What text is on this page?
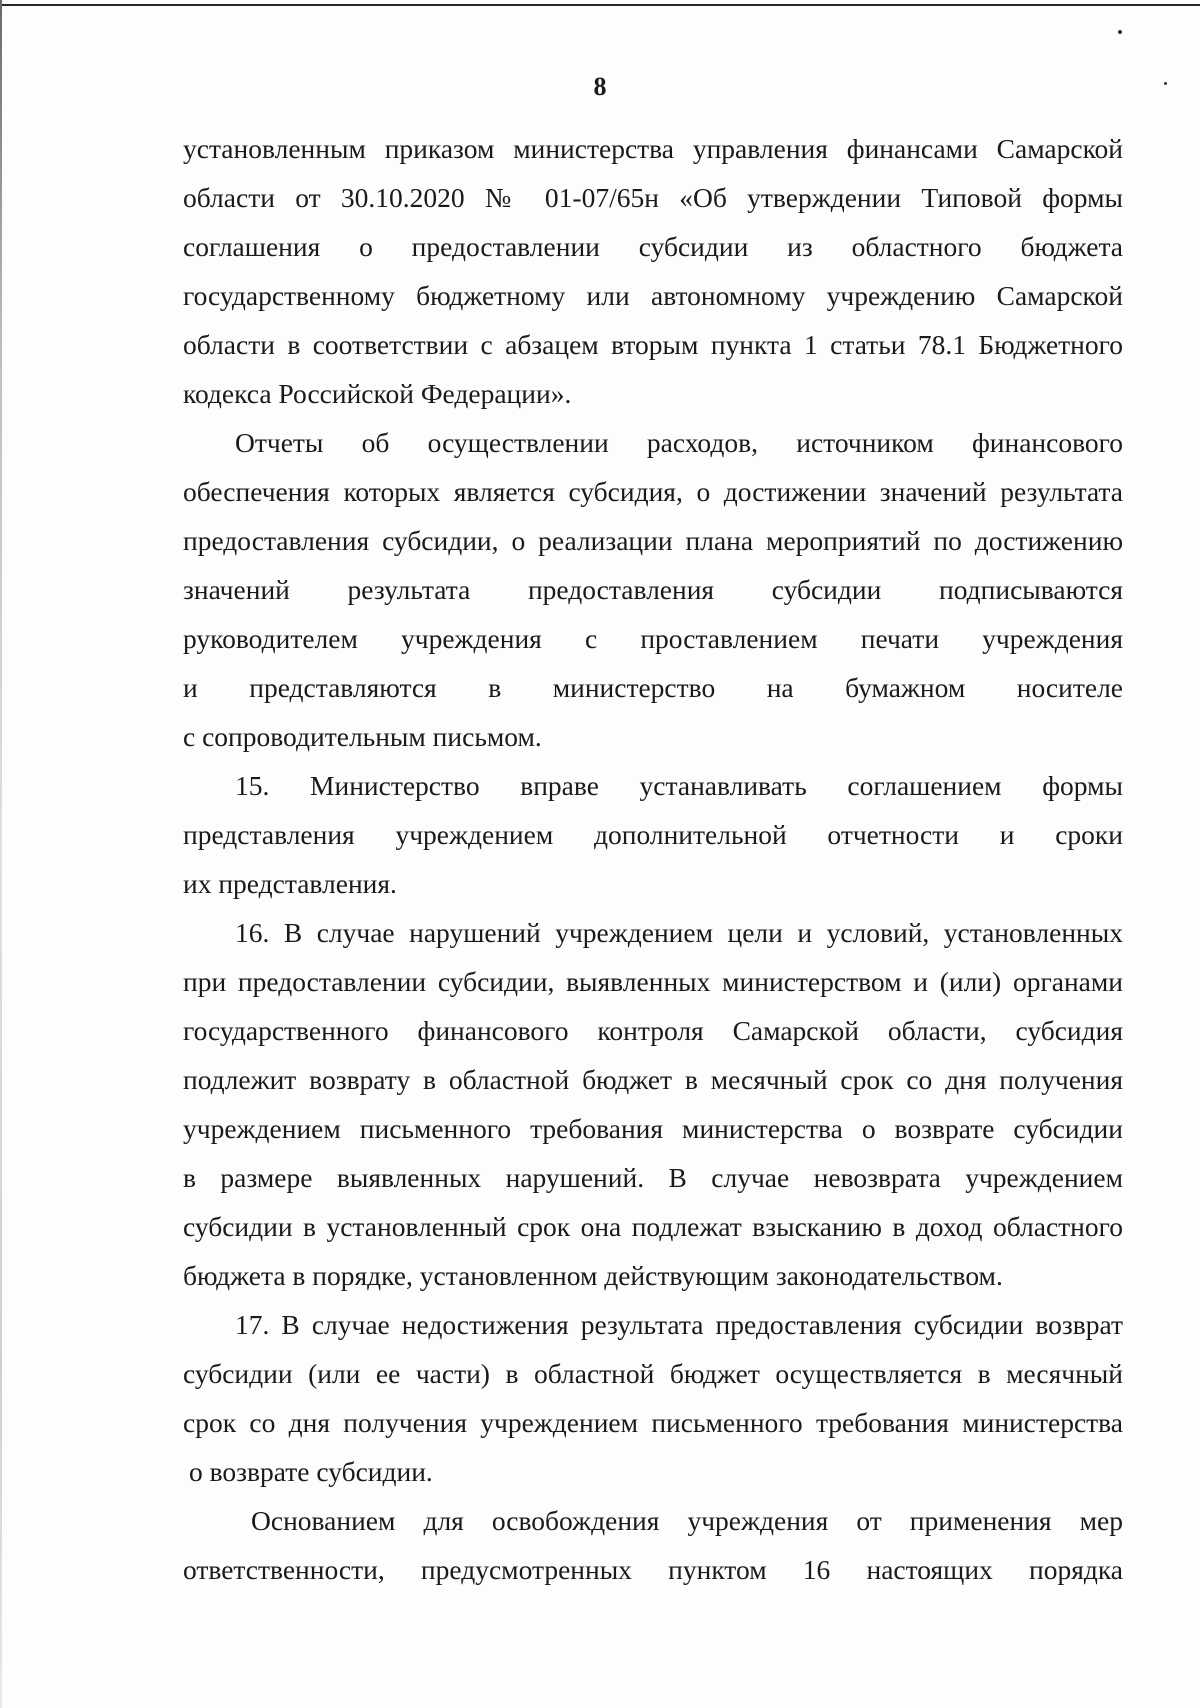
8
установленным приказом министерства управления финансами Самарской
области от 30.10.2020 № 01-07/65н «Об утверждении Типовой формы
соглашения о предоставлении субсидии из областного бюджета
государственному бюджетному или автономному учреждению Самарской
области в соответствии с абзацем вторым пункта 1 статьи 78.1 Бюджетного
кодекса Российской Федерации».
Отчеты об осуществлении расходов, источником финансового
обеспечения которых является субсидия, о достижении значений результата
предоставления субсидии, о реализации плана мероприятий по достижению
значений результата предоставления субсидии подписываются
руководителем учреждения с проставлением печати учреждения
и представляются в министерство на бумажном носителе
с сопроводительным письмом.
15. Министерство вправе устанавливать соглашением формы
представления учреждением дополнительной отчетности и сроки
их представления.
16. В случае нарушений учреждением цели и условий, установленных
при предоставлении субсидии, выявленных министерством и (или) органами
государственного финансового контроля Самарской области, субсидия
подлежит возврату в областной бюджет в месячный срок со дня получения
учреждением письменного требования министерства о возврате субсидии
в размере выявленных нарушений. В случае невозврата учреждением
субсидии в установленный срок она подлежат взысканию в доход областного
бюджета в порядке, установленном действующим законодательством.
17. В случае недостижения результата предоставления субсидии возврат
субсидии (или ее части) в областной бюджет осуществляется в месячный
срок со дня получения учреждением письменного требования министерства
о возврате субсидии.
Основанием для освобождения учреждения от применения мер
ответственности, предусмотренных пунктом 16 настоящих порядка
